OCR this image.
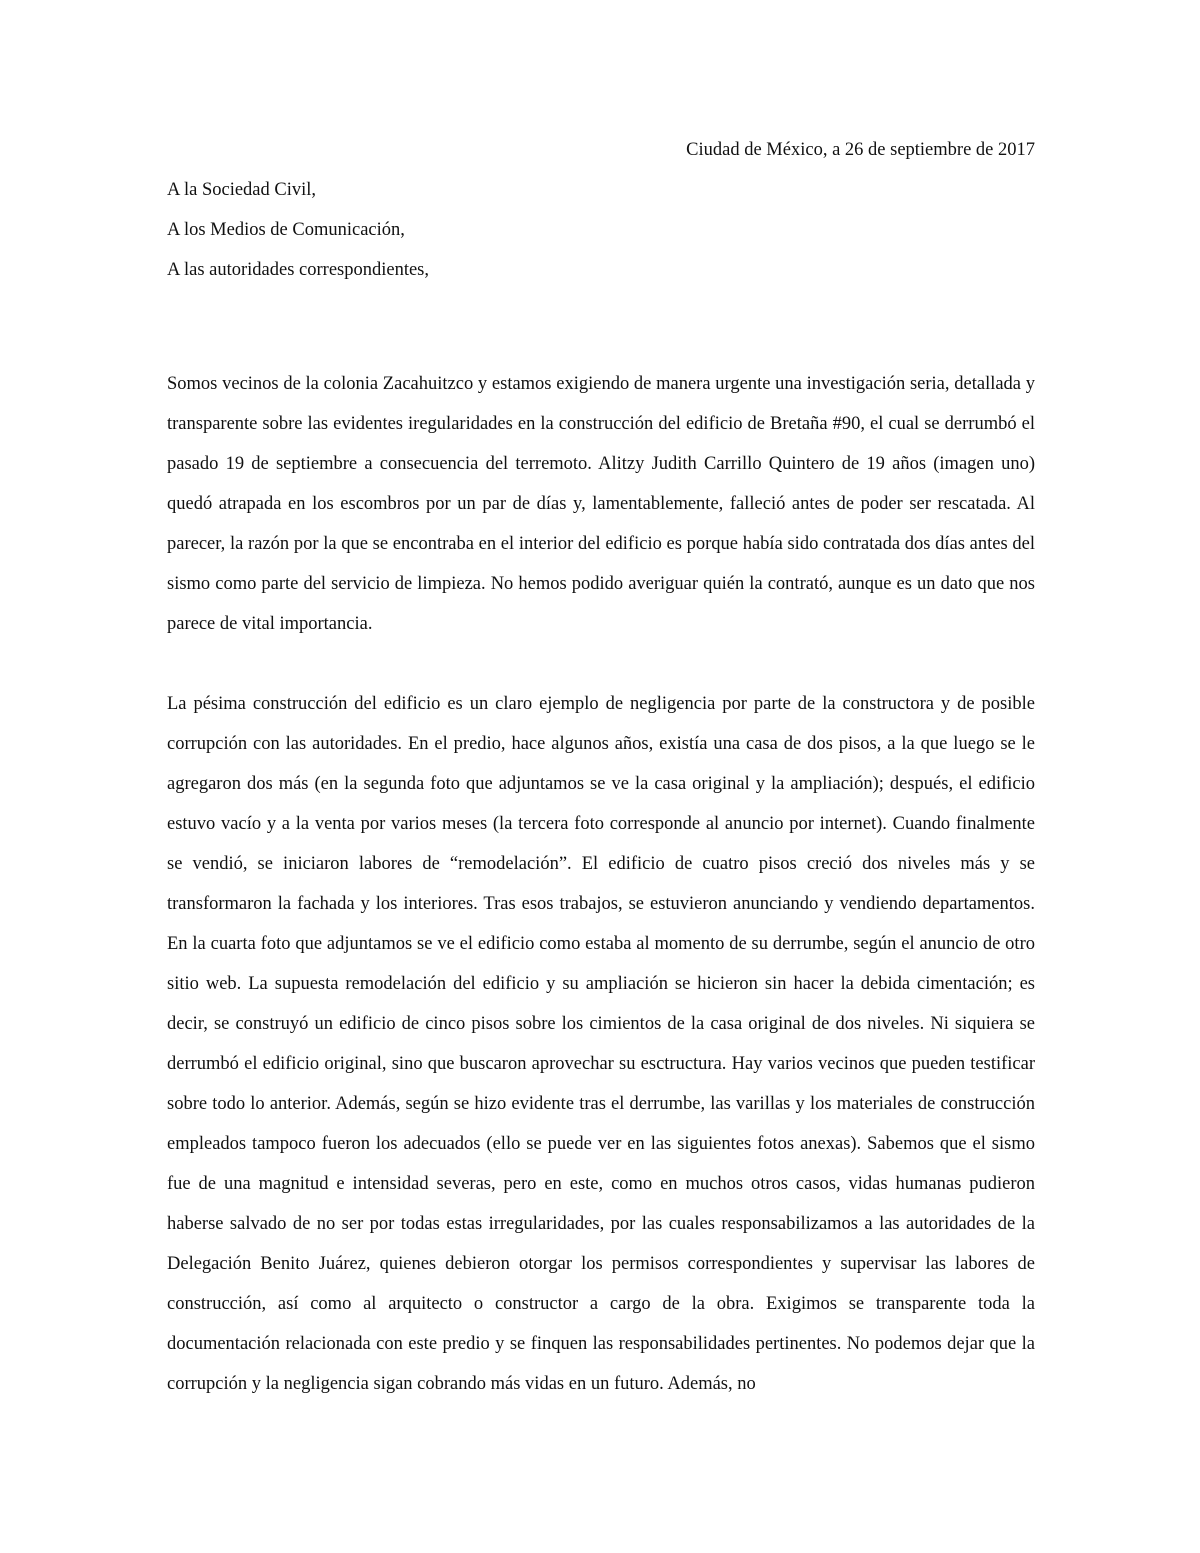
Ciudad de México, a 26 de septiembre de 2017

A la Sociedad Civil,

A los Medios de Comunicación,

A las autoridades correspondientes,

Somos vecinos de la colonia Zacahuitzco y estamos exigiendo de manera urgente una investigación seria, detallada y transparente sobre las evidentes iregularidades en la construcción del edificio de Bretaña #90, el cual se derrumbó el pasado 19 de septiembre a consecuencia del terremoto. Alitzy Judith Carrillo Quintero de 19 años (imagen uno) quedó atrapada en los escombros por un par de días y, lamentablemente, falleció antes de poder ser rescatada. Al parecer, la razón por la que se encontraba en el interior del edificio es porque había sido contratada dos días antes del sismo como parte del servicio de limpieza. No hemos podido averiguar quién la contrató, aunque es un dato que nos parece de vital importancia.

La pésima construcción del edificio es un claro ejemplo de negligencia por parte de la constructora y de posible corrupción con las autoridades. En el predio, hace algunos años, existía una casa de dos pisos, a la que luego se le agregaron dos más (en la segunda foto que adjuntamos se ve la casa original y la ampliación); después, el edificio estuvo vacío y a la venta por varios meses (la tercera foto corresponde al anuncio por internet). Cuando finalmente se vendió, se iniciaron labores de “remodelación”. El edificio de cuatro pisos creció dos niveles más y se transformaron la fachada y los interiores. Tras esos trabajos, se estuvieron anunciando y vendiendo departamentos. En la cuarta foto que adjuntamos se ve el edificio como estaba al momento de su derrumbe, según el anuncio de otro sitio web. La supuesta remodelación del edificio y su ampliación se hicieron sin hacer la debida cimentación; es decir, se construyó un edificio de cinco pisos sobre los cimientos de la casa original de dos niveles. Ni siquiera se derrumbó el edificio original, sino que buscaron aprovechar su esctructura. Hay varios vecinos que pueden testificar sobre todo lo anterior. Además, según se hizo evidente tras el derrumbe, las varillas y los materiales de construcción empleados tampoco fueron los adecuados (ello se puede ver en las siguientes fotos anexas). Sabemos que el sismo fue de una magnitud e intensidad severas, pero en este, como en muchos otros casos, vidas humanas pudieron haberse salvado de no ser por todas estas irregularidades, por las cuales responsabilizamos a las autoridades de la Delegación Benito Juárez, quienes debieron otorgar los permisos correspondientes y supervisar las labores de construcción, así como al arquitecto o constructor a cargo de la obra. Exigimos se transparente toda la documentación relacionada con este predio y se finquen las responsabilidades pertinentes. No podemos dejar que la corrupción y la negligencia sigan cobrando más vidas en un futuro. Además, no
